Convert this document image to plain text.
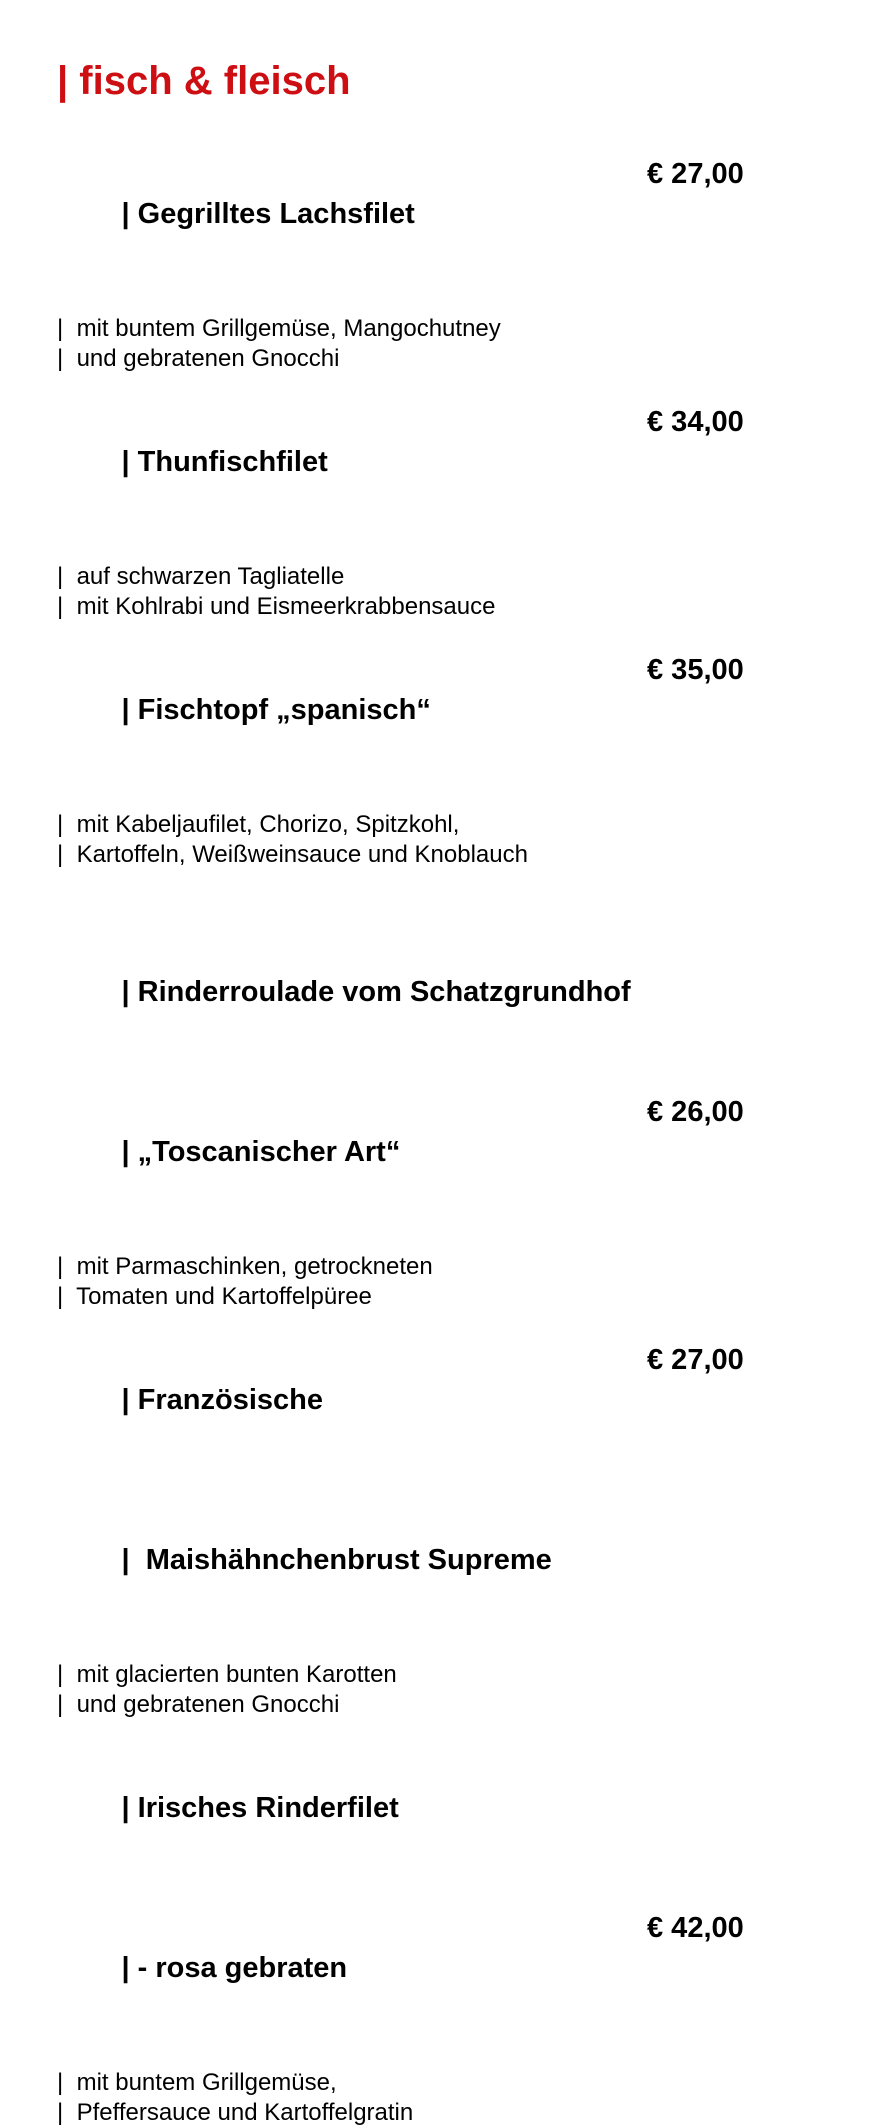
| fisch & fleisch

| Gegrilltes Lachsfilet

€ 27,00

|  mit buntem Grillgemüse, Mangochutney
|  und gebratenen Gnocchi

| Thunfischfilet

€ 34,00

|  auf schwarzen Tagliatelle
|  mit Kohlrabi und Eismeerkrabbensauce

| Fischtopf „spanisch“

€ 35,00

|  mit Kabeljaufilet, Chorizo, Spitzkohl,
|  Kartoffeln, Weißweinsauce und Knoblauch

| Rinderroulade vom Schatzgrundhof

| „Toscanischer Art“

€ 26,00

|  mit Parmaschinken, getrockneten
|  Tomaten und Kartoffelpüree

| Französische

€ 27,00

|  Maishähnchenbrust Supreme

|  mit glacierten bunten Karotten
|  und gebratenen Gnocchi

| Irisches Rinderfilet

| - rosa gebraten

€ 42,00

|  mit buntem Grillgemüse,
|  Pfeffersauce und Kartoffelgratin
